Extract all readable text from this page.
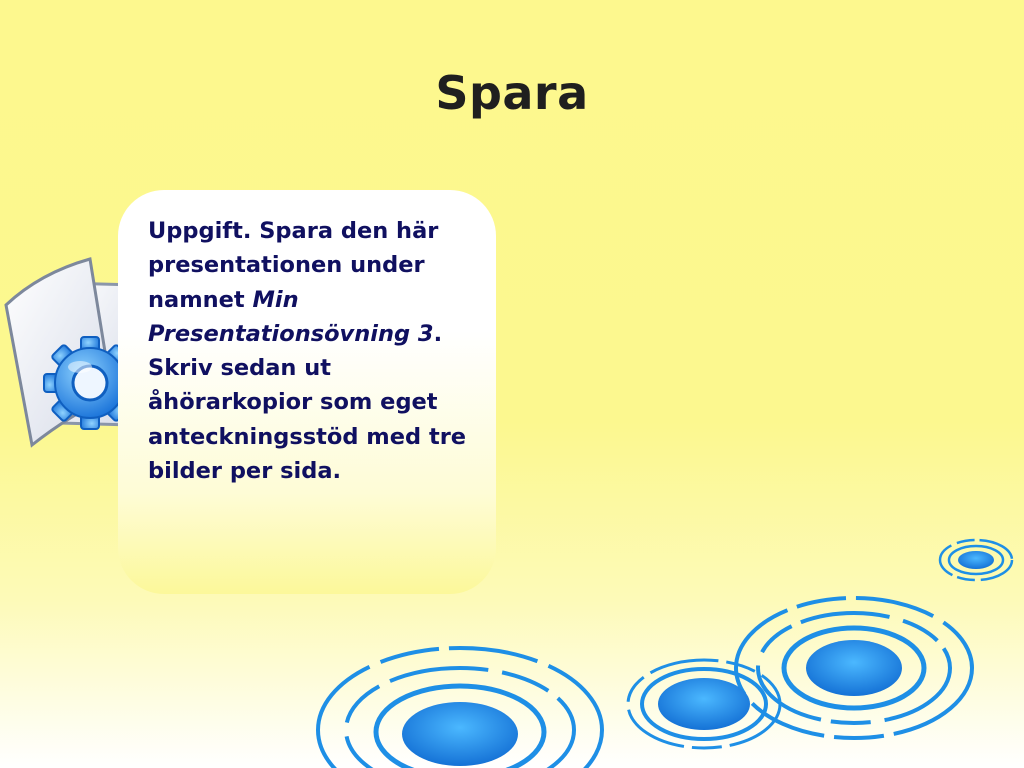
Spara

Uppgift. Spara den här presentationen under namnet Min Presentationsövning 3. Skriv sedan ut åhörarkopior som eget anteckningsstöd med tre bilder per sida.
